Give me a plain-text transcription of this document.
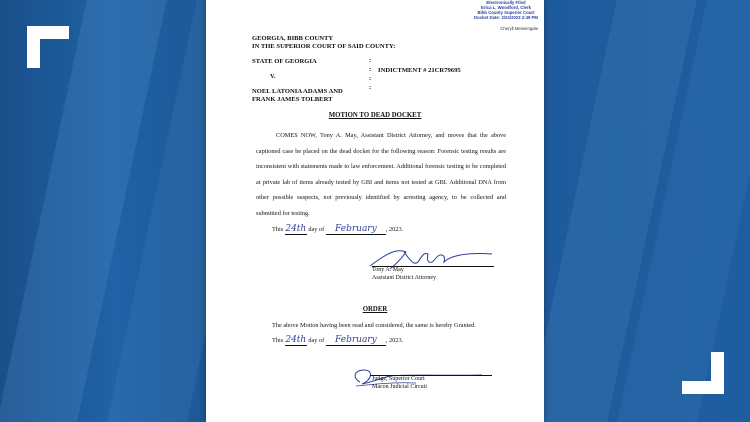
Electronically Filed
Erica L. Woodford, Clerk
Bibb County Superior Court
Docket Date: 2/24/2023 2:49 PM
Cheryll Messengale
GEORGIA, BIBB COUNTY
IN THE SUPERIOR COURT OF SAID COUNTY:
STATE OF GEORGIA
V.
NOEL LATONIA ADAMS AND
FRANK JAMES TOLBERT
:
:
:
:
INDICTMENT # 21CR79695
MOTION TO DEAD DOCKET

COMES NOW, Tony A. May, Assistant District Attorney, and moves that the above captioned case be placed on the dead docket for the following reason: Forensic testing results are inconsistent with statements made to law enforcement. Additional forensic testing to be completed at private lab of items already tested by GBI and items not tested at GBI. Additional DNA from other possible suspects, not previously identified by arresting agency, to be collected and submitted for testing.

This 24th day of February , 2023.
Tony A. May
Assistant District Attorney
ORDER
The above Motion having been read and considered, the same is hereby Granted.
This 24th day of February , 2023.
Judge, Superior Court
Macon Judicial Circuit
